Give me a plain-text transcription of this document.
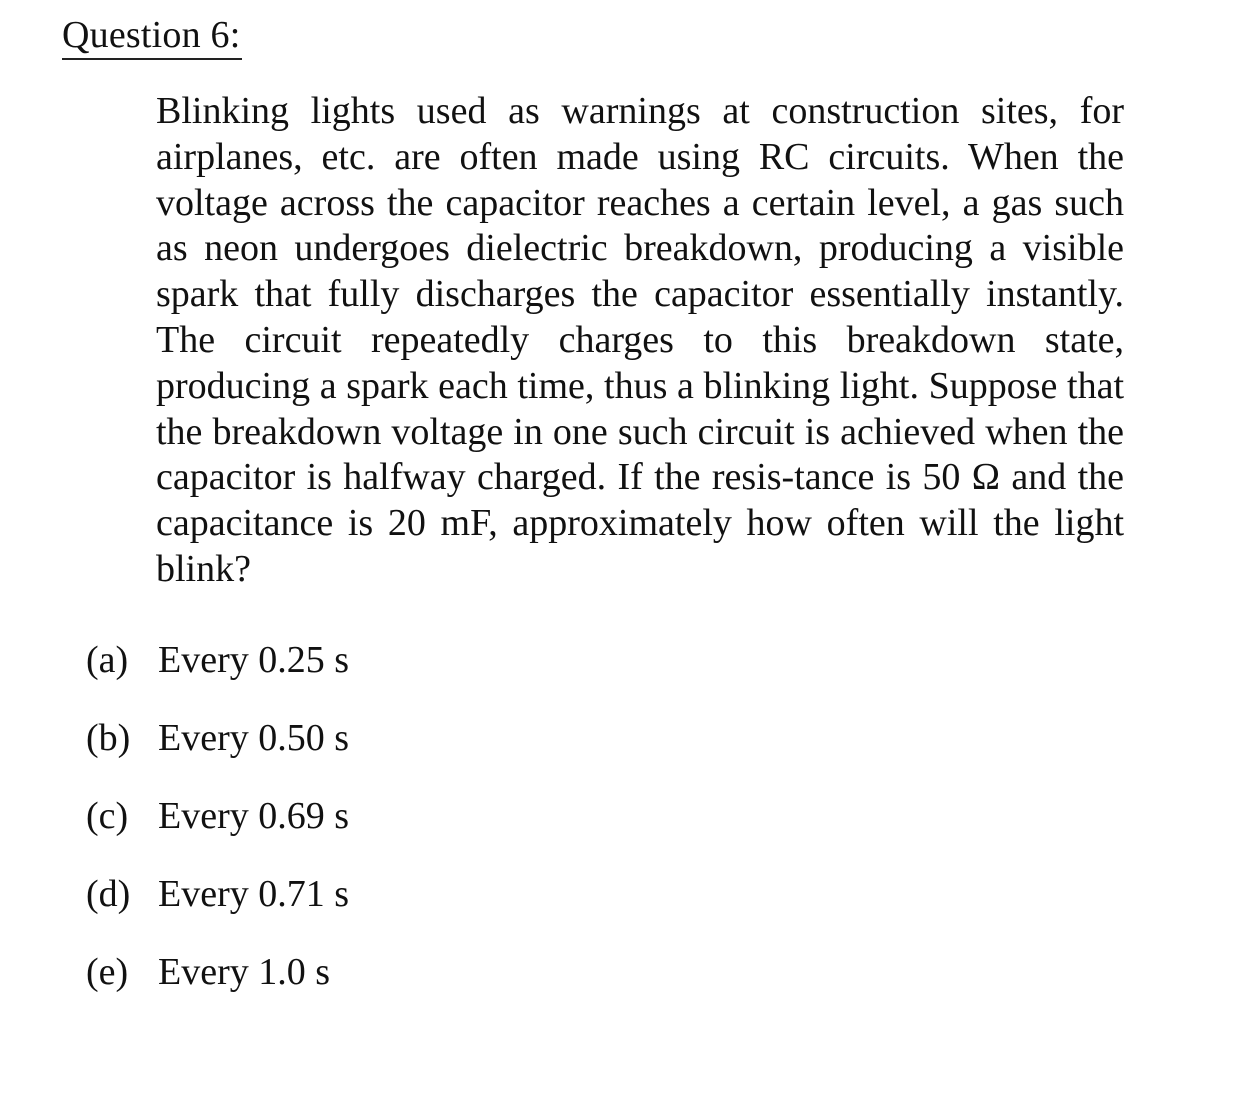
Question 6:

Blinking lights used as warnings at construction sites, for airplanes, etc. are often made using RC circuits. When the voltage across the capacitor reaches a certain level, a gas such as neon undergoes dielectric breakdown, producing a visible spark that fully discharges the capacitor essentially instantly. The circuit repeatedly charges to this breakdown state, producing a spark each time, thus a blinking light. Suppose that the breakdown voltage in one such circuit is achieved when the capacitor is halfway charged. If the resis-tance is 50 Ω and the capacitance is 20 mF, approximately how often will the light blink?

(a) Every 0.25 s
(b) Every 0.50 s
(c) Every 0.69 s
(d) Every 0.71 s
(e) Every 1.0 s
